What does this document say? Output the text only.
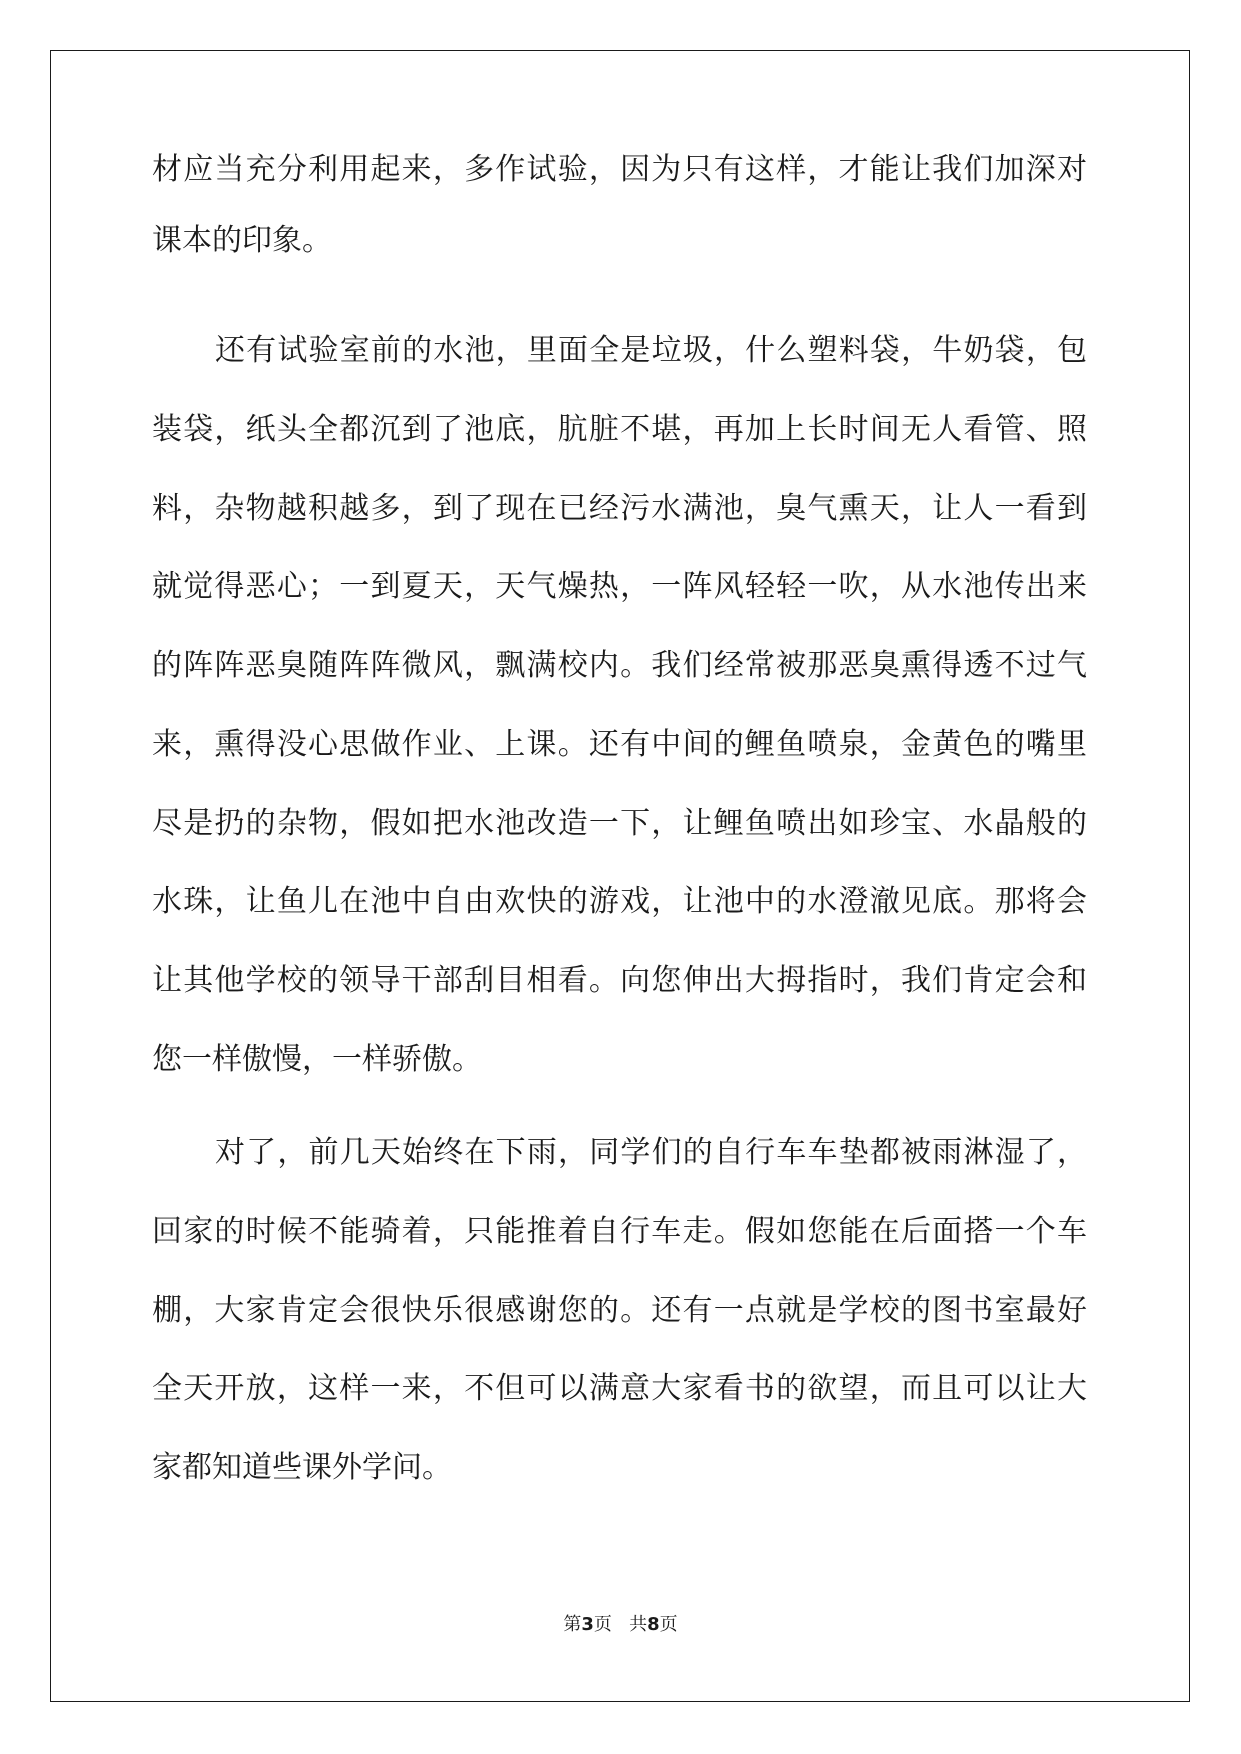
材应当充分利用起来，多作试验，因为只有这样，才能让我们加深对
课本的印象。
还有试验室前的水池，里面全是垃圾，什么塑料袋，牛奶袋，包
装袋，纸头全都沉到了池底，肮脏不堪，再加上长时间无人看管、照
料，杂物越积越多，到了现在已经污水满池，臭气熏天，让人一看到
就觉得恶心；一到夏天，天气燥热，一阵风轻轻一吹，从水池传出来
的阵阵恶臭随阵阵微风，飘满校内。我们经常被那恶臭熏得透不过气
来，熏得没心思做作业、上课。还有中间的鲤鱼喷泉，金黄色的嘴里
尽是扔的杂物，假如把水池改造一下，让鲤鱼喷出如珍宝、水晶般的
水珠，让鱼儿在池中自由欢快的游戏，让池中的水澄澈见底。那将会
让其他学校的领导干部刮目相看。向您伸出大拇指时，我们肯定会和
您一样傲慢，一样骄傲。
对了，前几天始终在下雨，同学们的自行车车垫都被雨淋湿了，
回家的时候不能骑着，只能推着自行车走。假如您能在后面搭一个车
棚，大家肯定会很快乐很感谢您的。还有一点就是学校的图书室最好
全天开放，这样一来，不但可以满意大家看书的欲望，而且可以让大
家都知道些课外学问。
第3页 共8页
